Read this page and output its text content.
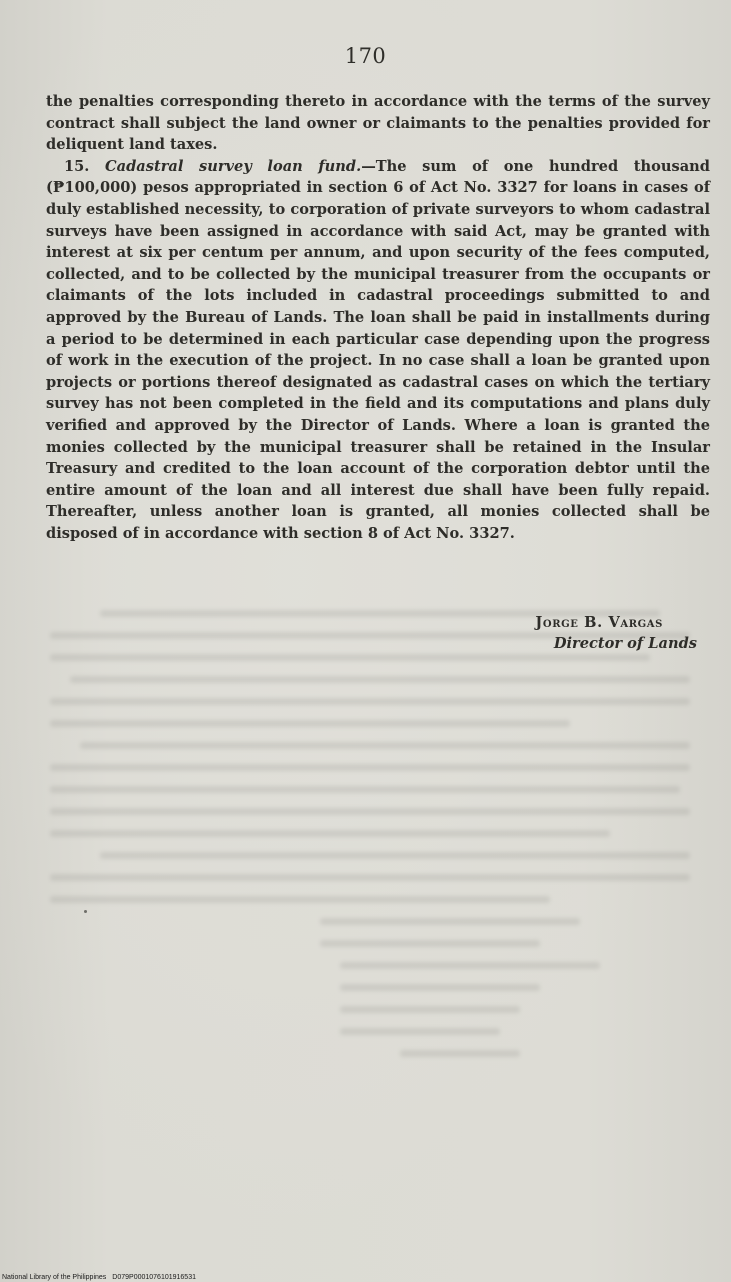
170

the penalties corresponding thereto in accordance with the terms of the survey contract shall subject the land owner or claimants to the penalties provided for deliquent land taxes.

15. Cadastral survey loan fund.—The sum of one hundred thousand (₱100,000) pesos appropriated in section 6 of Act No. 3327 for loans in cases of duly established necessity, to corporation of private surveyors to whom cadastral surveys have been assigned in accordance with said Act, may be granted with interest at six per centum per annum, and upon security of the fees computed, collected, and to be collected by the municipal treasurer from the occupants or claimants of the lots included in cadastral proceedings submitted to and approved by the Bureau of Lands. The loan shall be paid in installments during a period to be determined in each particular case depending upon the progress of work in the execution of the project. In no case shall a loan be granted upon projects or portions thereof designated as cadastral cases on which the tertiary survey has not been completed in the field and its computations and plans duly verified and approved by the Director of Lands. Where a loan is granted the monies collected by the municipal treasurer shall be retained in the Insular Treasury and credited to the loan account of the corporation debtor until the entire amount of the loan and all interest due shall have been fully repaid. Thereafter, unless another loan is granted, all monies collected shall be disposed of in accordance with section 8 of Act No. 3327.

Jorge B. Vargas
Director of Lands
National Library of the Philippines D079P0001076101916531
